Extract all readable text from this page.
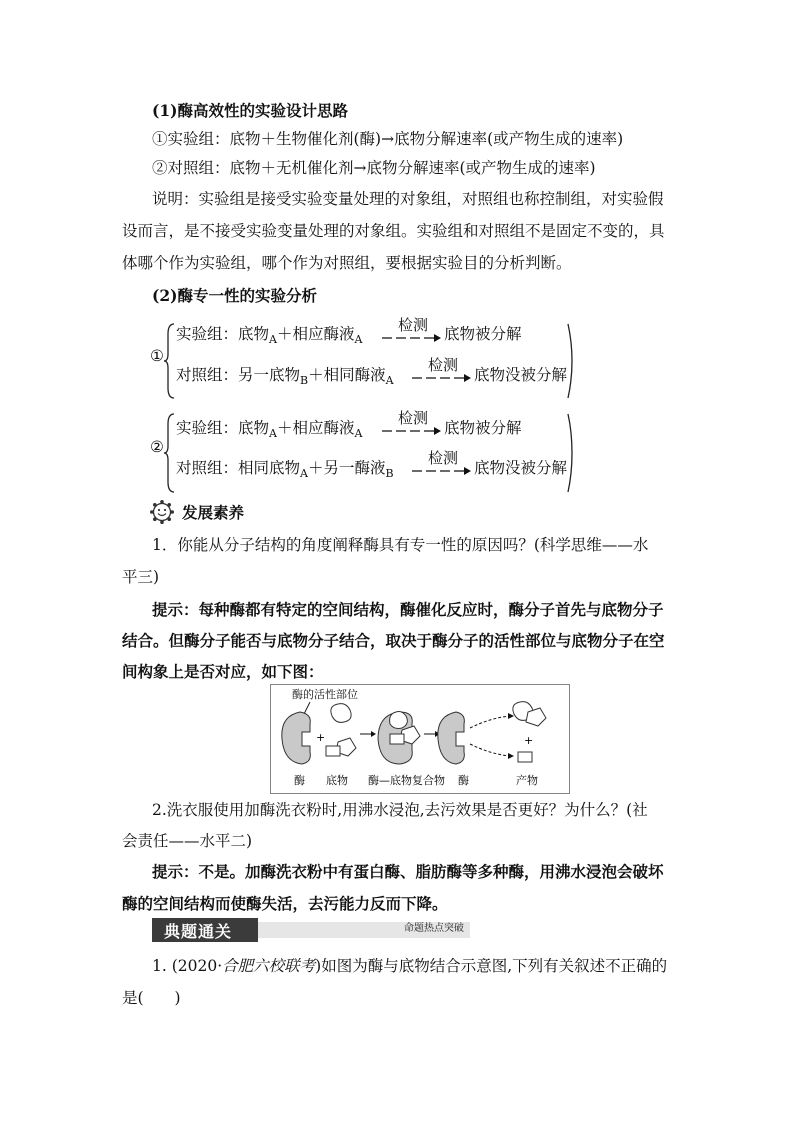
(1)酶高效性的实验设计思路
①实验组：底物＋生物催化剂(酶)→底物分解速率(或产物生成的速率)
②对照组：底物＋无机催化剂→底物分解速率(或产物生成的速率)
说明：实验组是接受实验变量处理的对象组，对照组也称控制组，对实验假
设而言，是不接受实验变量处理的对象组。实验组和对照组不是固定不变的，具
体哪个作为实验组，哪个作为对照组，要根据实验目的分析判断。
(2)酶专一性的实验分析
①
实验组：底物$_A$＋相应酶液$_A$
检测 底物被分解
对照组：另一底物$_B$＋相同酶液$_A$
检测
底物没被分解
②
实验组：底物$_A$＋相应酶液$_A$
检测
底物被分解
对照组：相同底物$_A$＋另一酶液$_B$
检测
底物没被分解
发展素养
1．你能从分子结构的角度阐释酶具有专一性的原因吗？(科学思维——水
平三)
提示：每种酶都有特定的空间结构，酶催化反应时，酶分子首先与底物分子
结合。但酶分子能否与底物分子结合，取决于酶分子的活性部位与底物分子在空
间构象上是否对应，如下图：
酶的活性部位
+	+
酶 底物 酶—底物复合物 酶	产物
2.洗衣服使用加酶洗衣粉时,用沸水浸泡,去污效果是否更好？为什么？(社
会责任——水平二)
提示：不是。加酶洗衣粉中有蛋白酶、脂肪酶等多种酶，用沸水浸泡会破坏
酶的空间结构而使酶失活，去污能力反而下降。
典题通关	命题热点突破
1. (2020·合肥六校联考)如图为酶与底物结合示意图,下列有关叙述不正确的
是(　　)
